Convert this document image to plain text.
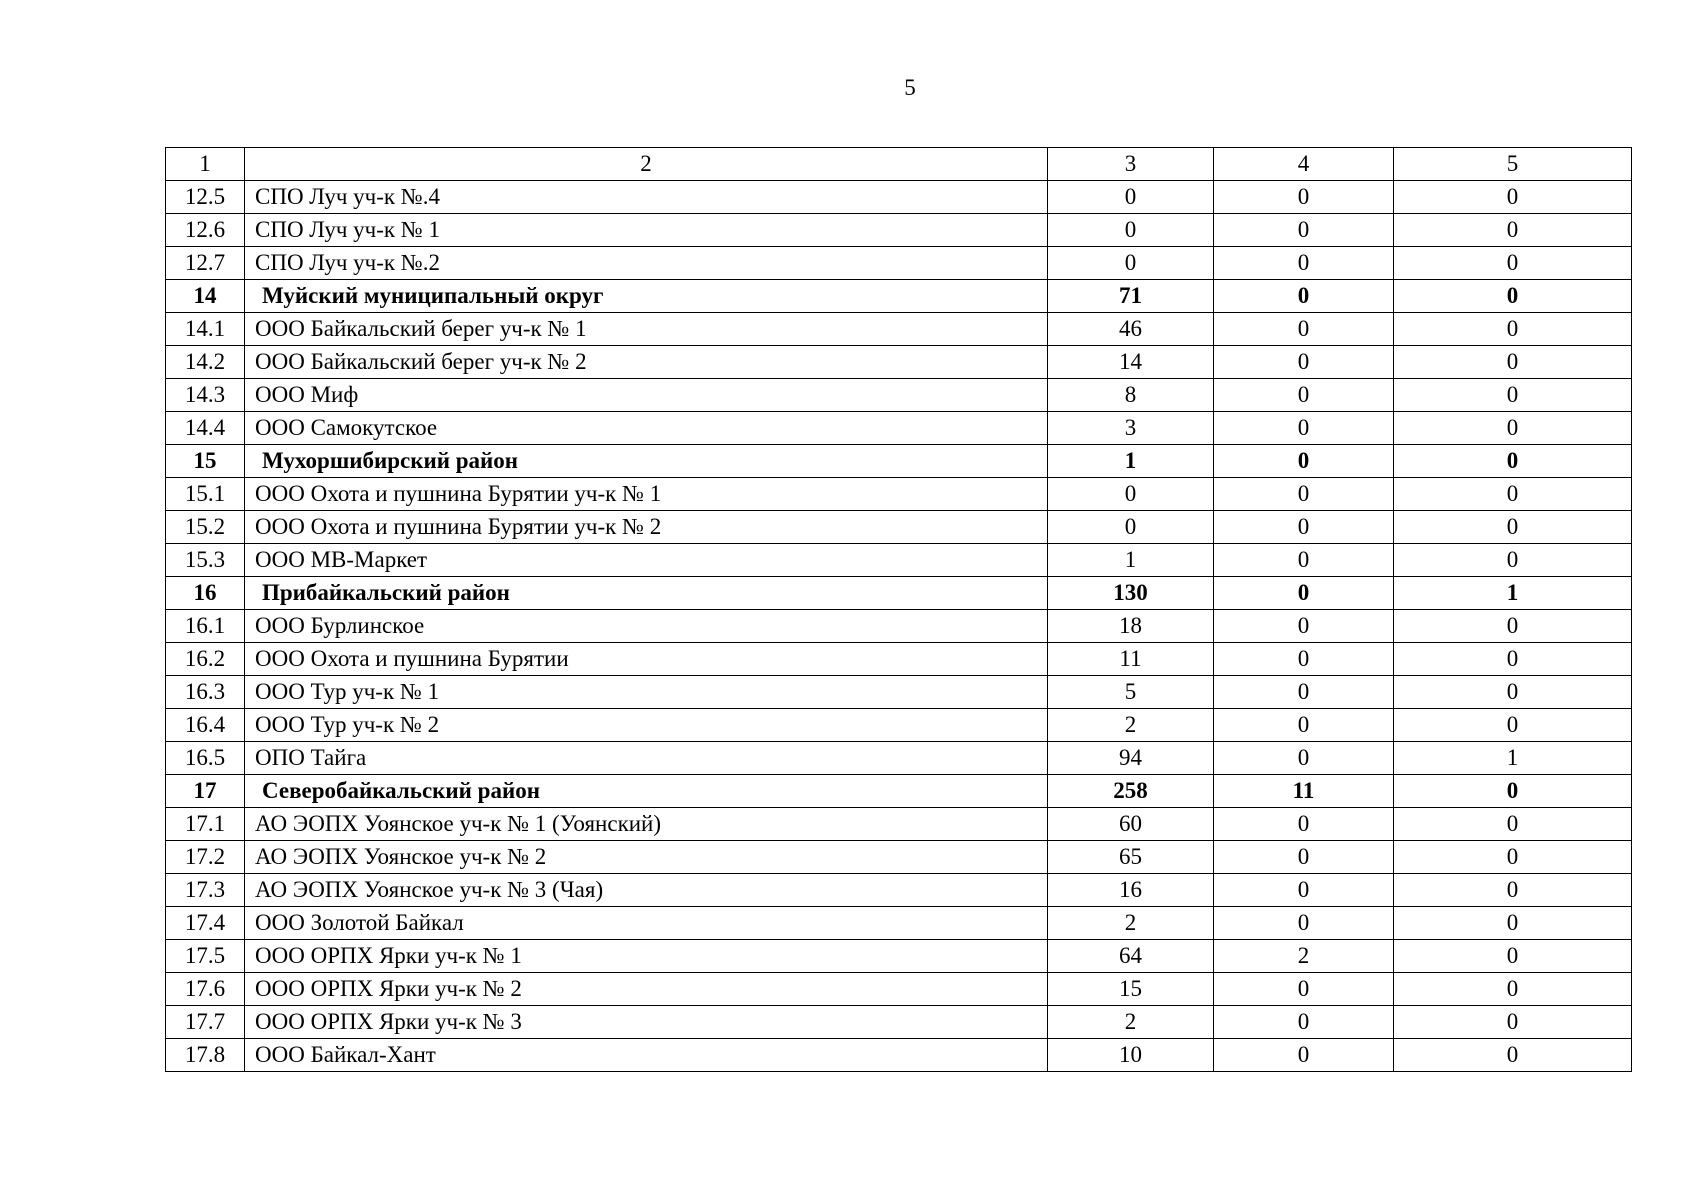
5
1	2	3	4	5
12.5	СПО Луч уч-к №.4	0	0	0
12.6	СПО Луч уч-к № 1	0	0	0
12.7	СПО Луч уч-к №.2	0	0	0
14	Муйский муниципальный округ	71	0	0
14.1	ООО Байкальский берег уч-к № 1	46	0	0
14.2	ООО Байкальский берег уч-к № 2	14	0	0
14.3	ООО Миф	8	0	0
14.4	ООО Самокутское	3	0	0
15	Мухоршибирский район	1	0	0
15.1	ООО Охота и пушнина Бурятии уч-к № 1	0	0	0
15.2	ООО Охота и пушнина Бурятии уч-к № 2	0	0	0
15.3	ООО МВ-Маркет	1	0	0
16	Прибайкальский район	130	0	1
16.1	ООО Бурлинское	18	0	0
16.2	ООО Охота и пушнина Бурятии	11	0	0
16.3	ООО Тур уч-к № 1	5	0	0
16.4	ООО Тур уч-к № 2	2	0	0
16.5	ОПО Тайга	94	0	1
17	Северобайкальский район	258	11	0
17.1	АО ЭОПХ Уоянское уч-к № 1 (Уоянский)	60	0	0
17.2	АО ЭОПХ Уоянское уч-к № 2	65	0	0
17.3	АО ЭОПХ Уоянское уч-к № 3 (Чая)	16	0	0
17.4	ООО Золотой Байкал	2	0	0
17.5	ООО ОРПХ Ярки уч-к № 1	64	2	0
17.6	ООО ОРПХ Ярки уч-к № 2	15	0	0
17.7	ООО ОРПХ Ярки уч-к № 3	2	0	0
17.8	ООО Байкал-Хант	10	0	0
